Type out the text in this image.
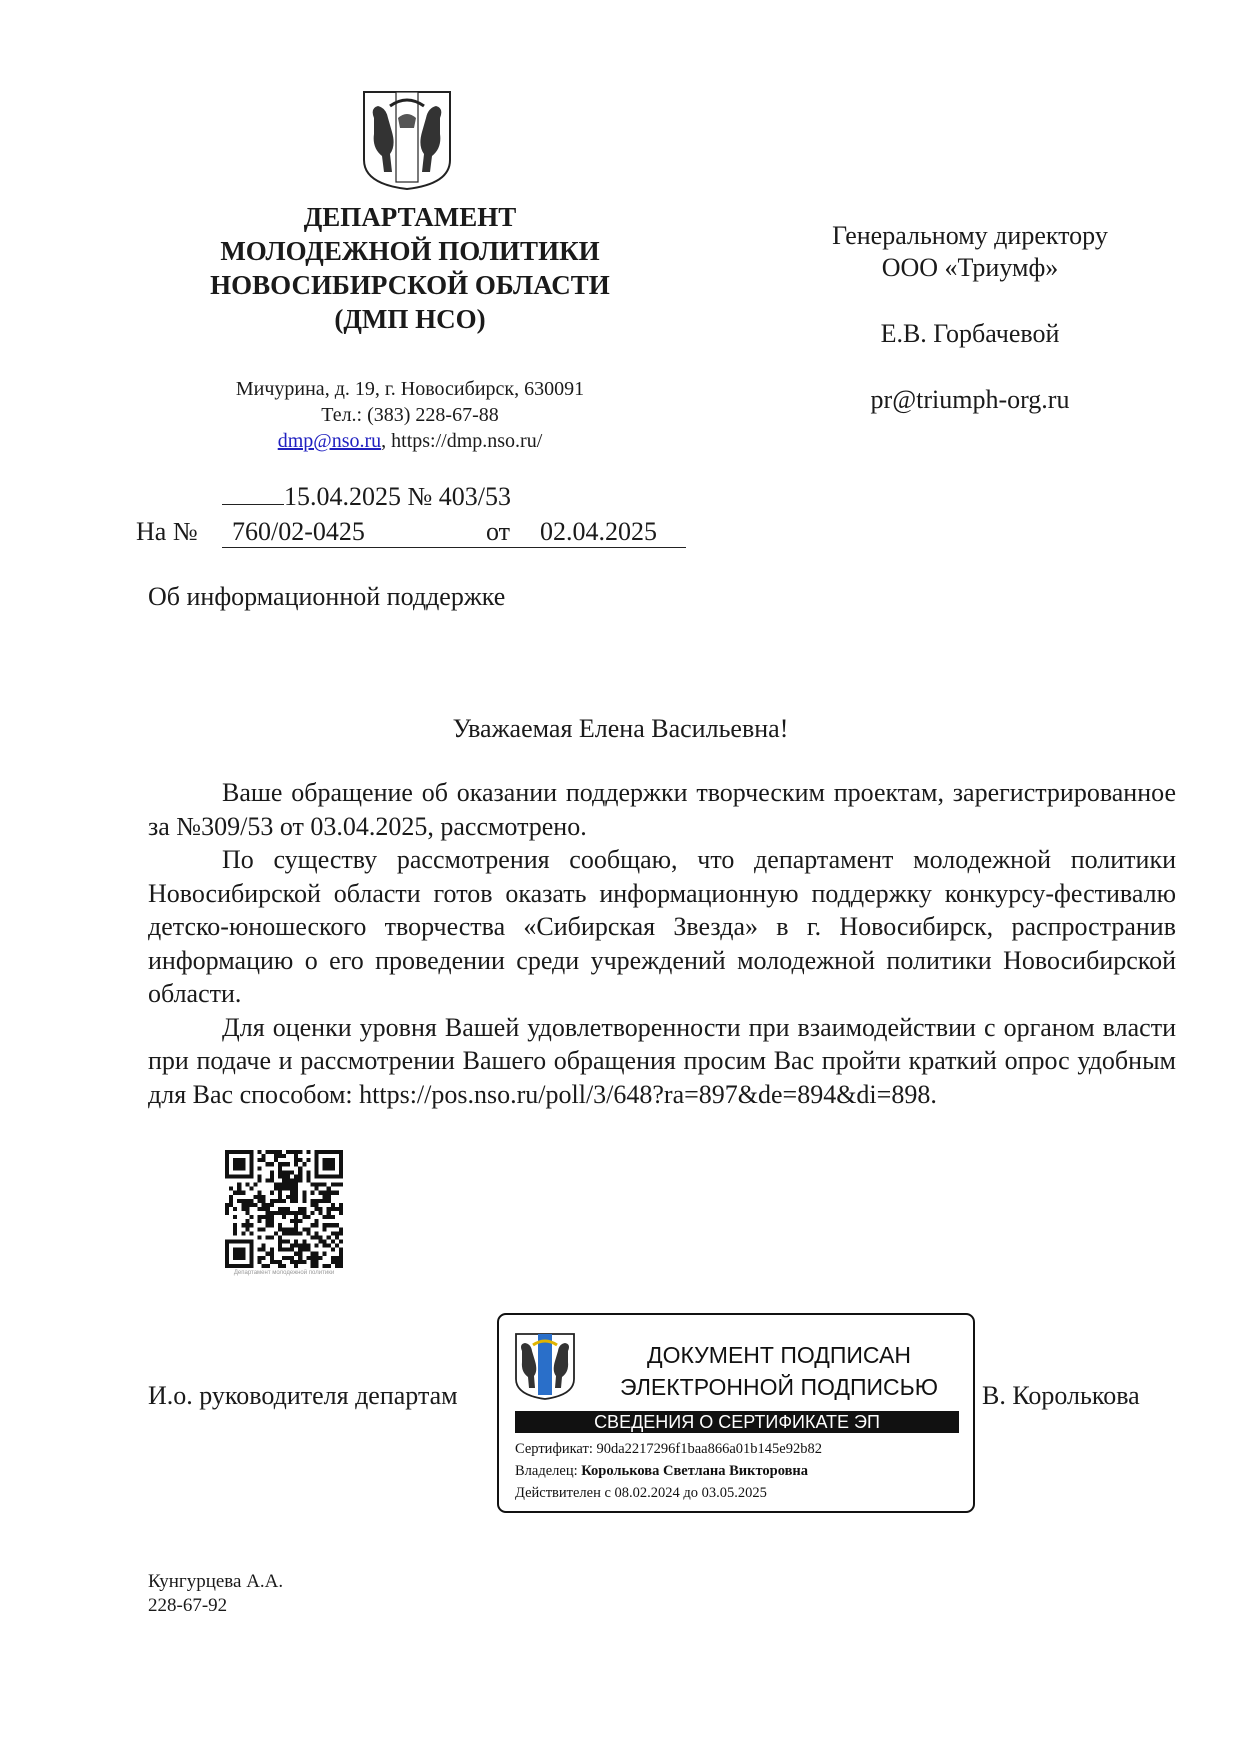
ДЕПАРТАМЕНТ
МОЛОДЕЖНОЙ ПОЛИТИКИ
НОВОСИБИРСКОЙ ОБЛАСТИ
(ДМП НСО)
Мичурина, д. 19, г. Новосибирск, 630091
Тел.: (383) 228-67-88
dmp@nso.ru, https://dmp.nso.ru/
Генеральному директору
ООО «Триумф»
Е.В. Горбачевой
pr@triumph-org.ru
15.04.2025 № 403/53
На № 760/02-0425	от 02.04.2025
Об информационной поддержке
Уважаемая Елена Васильевна!

Ваше обращение об оказании поддержки творческим проектам, зарегистрированное за №309/53 от 03.04.2025, рассмотрено.

По существу рассмотрения сообщаю, что департамент молодежной политики Новосибирской области готов оказать информационную поддержку конкурсу-фестивалю детско-юношеского творчества «Сибирская Звезда» в г. Новосибирск, распространив информацию о его проведении среди учреждений молодежной политики Новосибирской области.

Для оценки уровня Вашей удовлетворенности при взаимодействии с органом власти при подаче и рассмотрении Вашего обращения просим Вас пройти краткий опрос удобным для Вас способом: https://pos.nso.ru/poll/3/648?ra=897&de=894&di=898.

Департамент молодежной политики
И.о. руководителя департам	В. Королькова
ДОКУМЕНТ ПОДПИСАН
ЭЛЕКТРОННОЙ ПОДПИСЬЮ
СВЕДЕНИЯ О СЕРТИФИКАТЕ ЭП
Сертификат: 90da2217296f1baa866a01b145e92b82
Владелец: Королькова Светлана Викторовна
Действителен с 08.02.2024 до 03.05.2025
Кунгурцева А.А.
228-67-92
